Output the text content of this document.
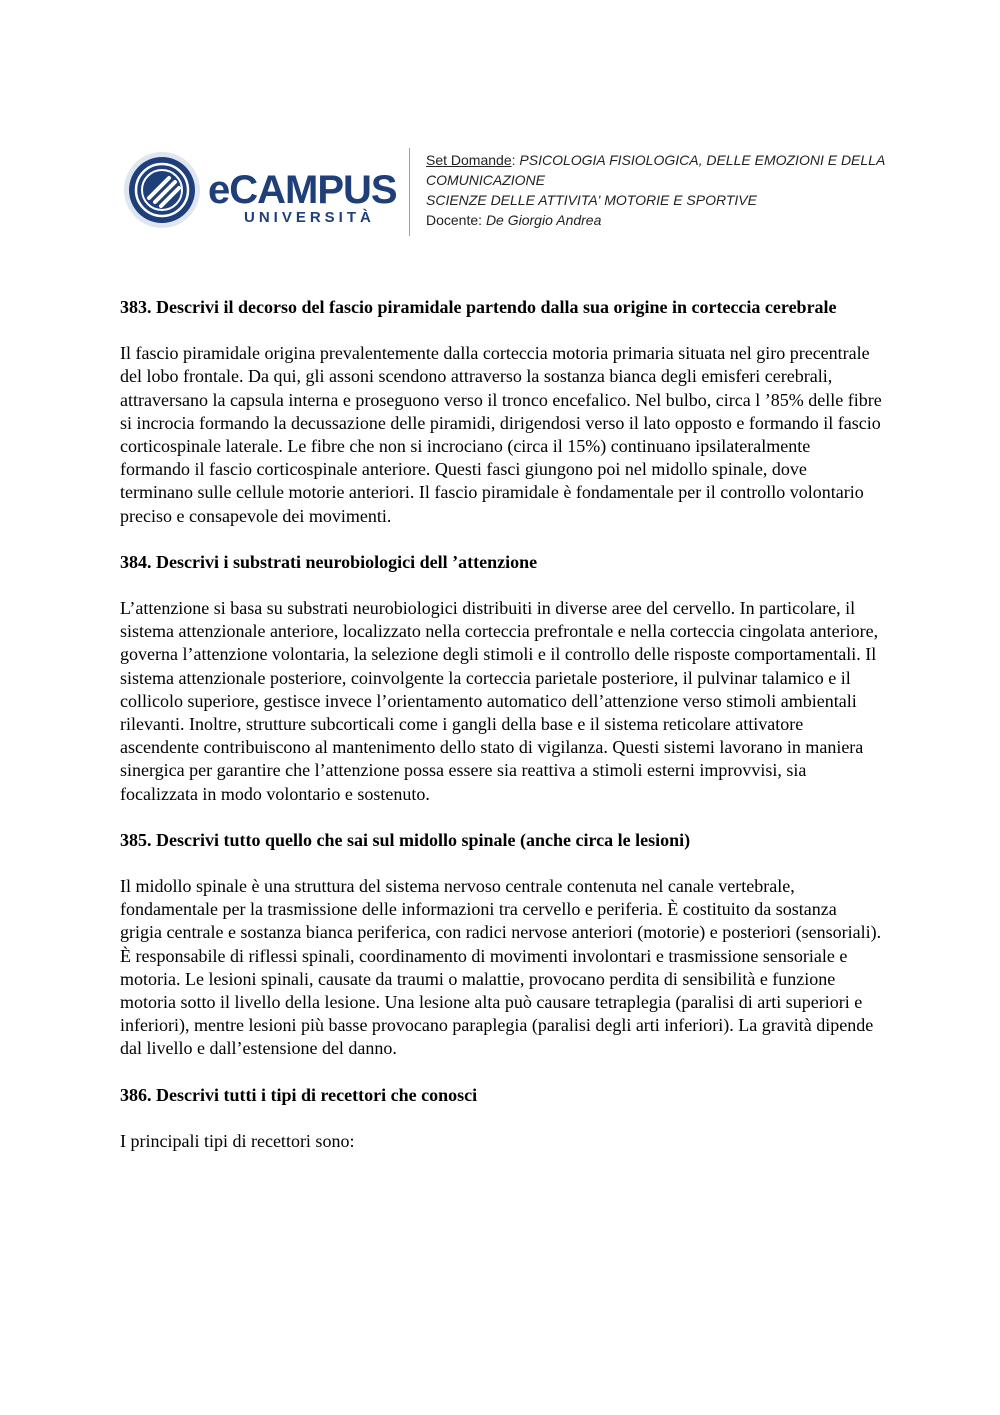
eCAMPUS
UNIVERSITÀ
Set Domande: PSICOLOGIA FISIOLOGICA, DELLE EMOZIONI E DELLA COMUNICAZIONE
SCIENZE DELLE ATTIVITA' MOTORIE E SPORTIVE
Docente: De Giorgio Andrea
383. Descrivi il decorso del fascio piramidale partendo dalla sua origine in corteccia cerebrale

Il fascio piramidale origina prevalentemente dalla corteccia motoria primaria situata nel giro precentrale del lobo frontale. Da qui, gli assoni scendono attraverso la sostanza bianca degli emisferi cerebrali, attraversano la capsula interna e proseguono verso il tronco encefalico. Nel bulbo, circa l ’85% delle fibre si incrocia formando la decussazione delle piramidi, dirigendosi verso il lato opposto e formando il fascio corticospinale laterale. Le fibre che non si incrociano (circa il 15%) continuano ipsilateralmente formando il fascio corticospinale anteriore. Questi fasci giungono poi nel midollo spinale, dove terminano sulle cellule motorie anteriori. Il fascio piramidale è fondamentale per il controllo volontario preciso e consapevole dei movimenti.

384. Descrivi i substrati neurobiologici dell ’attenzione

L’attenzione si basa su substrati neurobiologici distribuiti in diverse aree del cervello. In particolare, il sistema attenzionale anteriore, localizzato nella corteccia prefrontale e nella corteccia cingolata anteriore, governa l’attenzione volontaria, la selezione degli stimoli e il controllo delle risposte comportamentali. Il sistema attenzionale posteriore, coinvolgente la corteccia parietale posteriore, il pulvinar talamico e il collicolo superiore, gestisce invece l’orientamento automatico dell’attenzione verso stimoli ambientali rilevanti. Inoltre, strutture subcorticali come i gangli della base e il sistema reticolare attivatore ascendente contribuiscono al mantenimento dello stato di vigilanza. Questi sistemi lavorano in maniera sinergica per garantire che l’attenzione possa essere sia reattiva a stimoli esterni improvvisi, sia focalizzata in modo volontario e sostenuto.

385. Descrivi tutto quello che sai sul midollo spinale (anche circa le lesioni)

Il midollo spinale è una struttura del sistema nervoso centrale contenuta nel canale vertebrale, fondamentale per la trasmissione delle informazioni tra cervello e periferia. È costituito da sostanza grigia centrale e sostanza bianca periferica, con radici nervose anteriori (motorie) e posteriori (sensoriali). È responsabile di riflessi spinali, coordinamento di movimenti involontari e trasmissione sensoriale e motoria. Le lesioni spinali, causate da traumi o malattie, provocano perdita di sensibilità e funzione motoria sotto il livello della lesione. Una lesione alta può causare tetraplegia (paralisi di arti superiori e inferiori), mentre lesioni più basse provocano paraplegia (paralisi degli arti inferiori). La gravità dipende dal livello e dall’estensione del danno.

386. Descrivi tutti i tipi di recettori che conosci

I principali tipi di recettori sono:
